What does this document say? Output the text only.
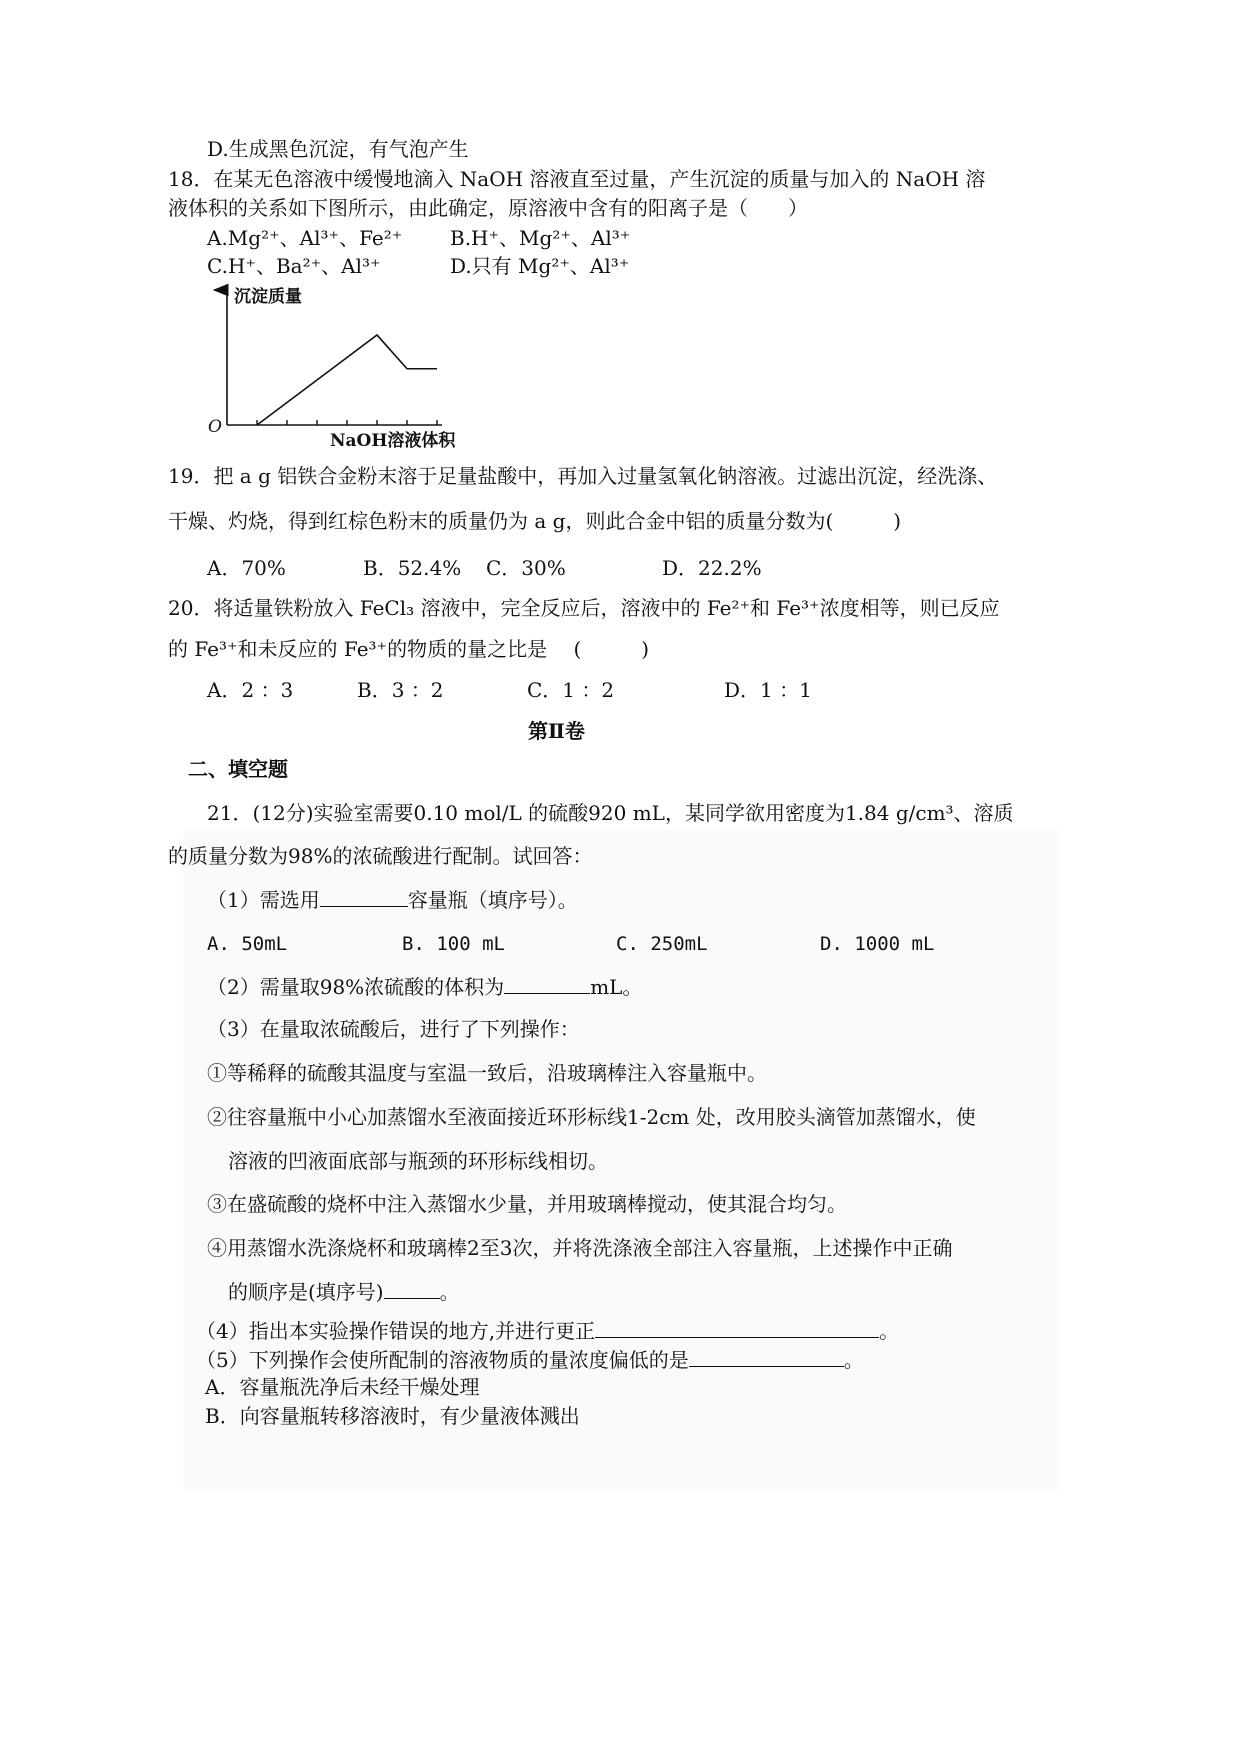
D.生成黑色沉淀，有气泡产生
18．在某无色溶液中缓慢地滴入 NaOH 溶液直至过量，产生沉淀的质量与加入的 NaOH 溶
液体积的关系如下图所示，由此确定，原溶液中含有的阳离子是（　　）
A.Mg²⁺、Al³⁺、Fe²⁺ B.H⁺、Mg²⁺、Al³⁺
C.H⁺、Ba²⁺、Al³⁺	D.只有 Mg²⁺、Al³⁺
沉淀质量
O
NaOH溶液体积
19．把 a g 铝铁合金粉末溶于足量盐酸中，再加入过量氢氧化钠溶液。过滤出沉淀，经洗涤、
干燥、灼烧，得到红棕色粉末的质量仍为 a g，则此合金中铝的质量分数为(　　　)
A．70%	B．52.4% C．30%	D．22.2%
20．将适量铁粉放入 FeCl₃ 溶液中，完全反应后，溶液中的 Fe²⁺和 Fe³⁺浓度相等，则已反应
的 Fe³⁺和未反应的 Fe³⁺的物质的量之比是　 (　　　)
A．2 ：3	B．3 ：2	C．1 ：2	D．1 ：1
第Ⅱ卷
二、填空题
21．(12分)实验室需要0.10 mol/L 的硫酸920 mL，某同学欲用密度为1.84 g/cm³、溶质
的质量分数为98%的浓硫酸进行配制。试回答：
（1）需选用	容量瓶（填序号）。
A. 50mL	B. 100 mL	C. 250mL	D. 1000 mL
（2）需量取98%浓硫酸的体积为	mL。
（3）在量取浓硫酸后，进行了下列操作：
①等稀释的硫酸其温度与室温一致后，沿玻璃棒注入容量瓶中。
②往容量瓶中小心加蒸馏水至液面接近环形标线1-2cm 处，改用胶头滴管加蒸馏水，使
溶液的凹液面底部与瓶颈的环形标线相切。
③在盛硫酸的烧杯中注入蒸馏水少量，并用玻璃棒搅动，使其混合均匀。
④用蒸馏水洗涤烧杯和玻璃棒2至3次，并将洗涤液全部注入容量瓶，上述操作中正确
的顺序是(填序号)	。
（4）指出本实验操作错误的地方,并进行更正	。
（5）下列操作会使所配制的溶液物质的量浓度偏低的是	。
A．容量瓶洗净后未经干燥处理
B．向容量瓶转移溶液时，有少量液体溅出
